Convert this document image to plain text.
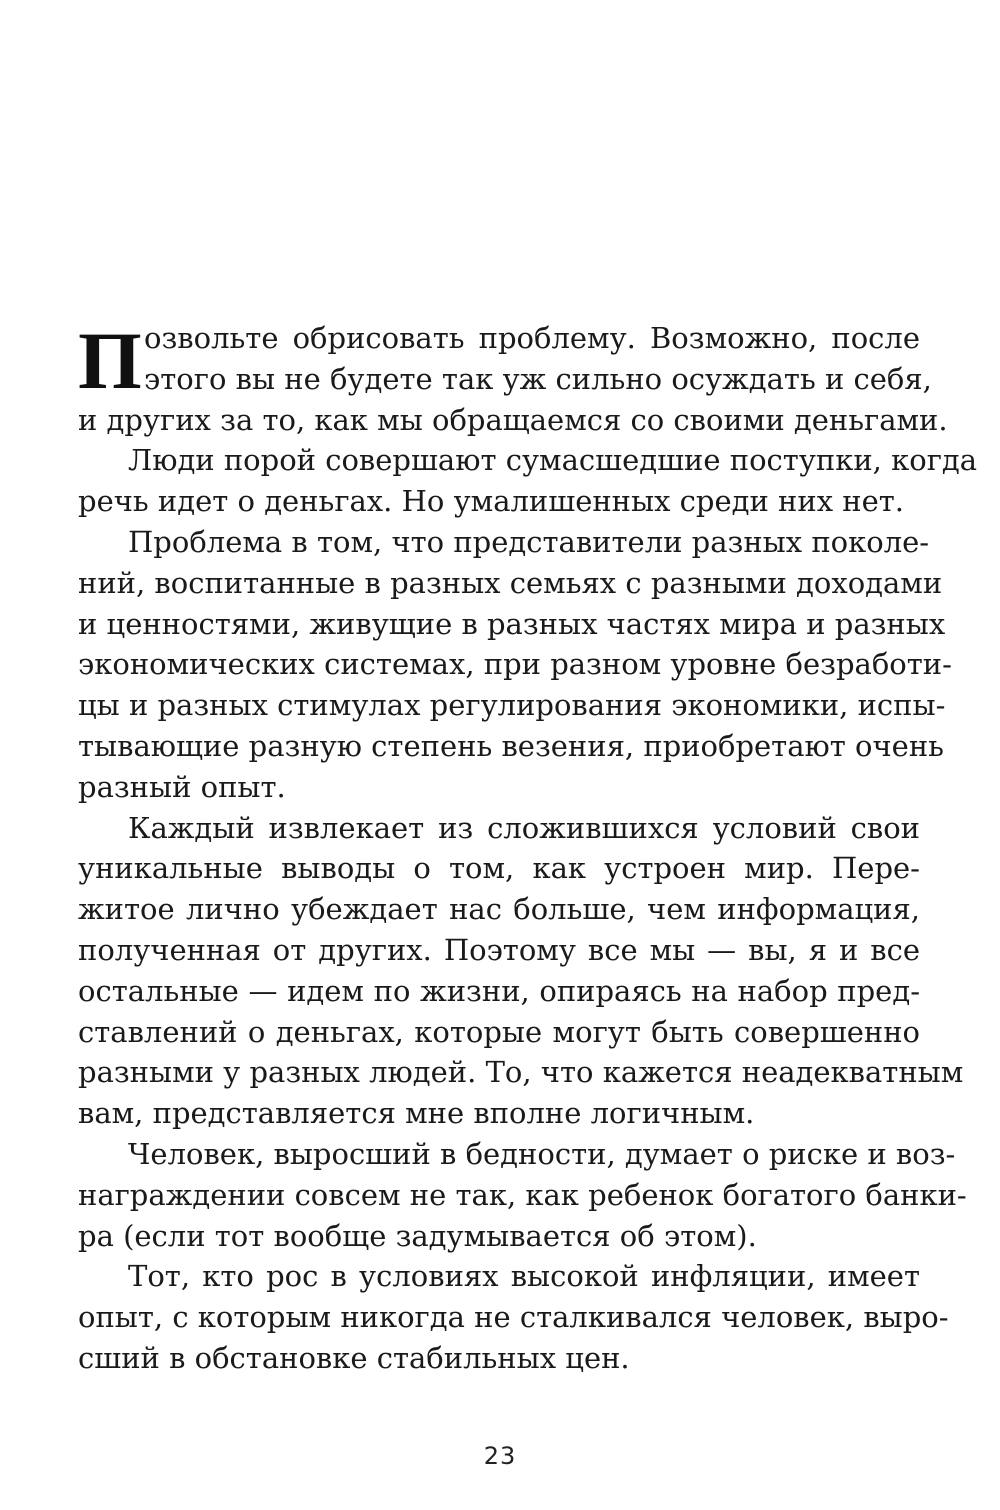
П озвольте обрисовать проблему. Возможно, после
этого вы не будете так уж сильно осуждать и себя,
и других за то, как мы обращаемся со своими деньгами.
Люди порой совершают сумасшедшие поступки, когда
речь идет о деньгах. Но умалишенных среди них нет.
Проблема в том, что представители разных поколе-
ний, воспитанные в разных семьях с разными доходами
и ценностями, живущие в разных частях мира и разных
экономических системах, при разном уровне безработи-
цы и разных стимулах регулирования экономики, испы-
тывающие разную степень везения, приобретают очень
разный опыт.
Каждый извлекает из сложившихся условий свои
уникальные выводы о том, как устроен мир. Пере-
житое лично убеждает нас больше, чем информация,
полученная от других. Поэтому все мы — вы, я и все
остальные — идем по жизни, опираясь на набор пред-
ставлений о деньгах, которые могут быть совершенно
разными у разных людей. То, что кажется неадекватным
вам, представляется мне вполне логичным.
Человек, выросший в бедности, думает о риске и воз-
награждении совсем не так, как ребенок богатого банки-
ра (если тот вообще задумывается об этом).
Тот, кто рос в условиях высокой инфляции, имеет
опыт, с которым никогда не сталкивался человек, выро-
сший в обстановке стабильных цен.
23
